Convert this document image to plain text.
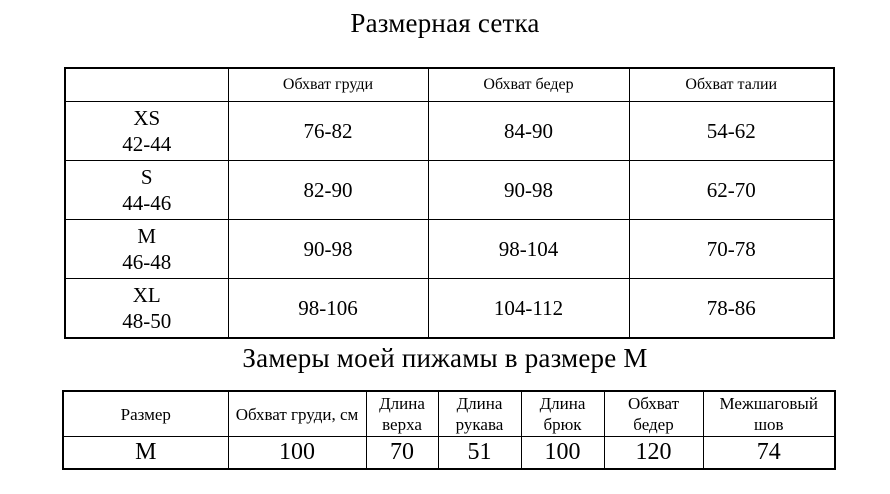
Размерная сетка
	Обхват груди	Обхват бедер	Обхват талии

XS
42-44	76-82	84-90	54-62

S
44-46	82-90	90-98	62-70

M
46-48	90-98	98-104	70-78

XL
48-50	98-106	104-112	78-86
Замеры моей пижамы в размере М
Размер	Обхват груди, см	Длина верха	Длина рукава	Длина брюк	Обхват бедер	Межшаговый шов
M	100	70	51	100	120	74
